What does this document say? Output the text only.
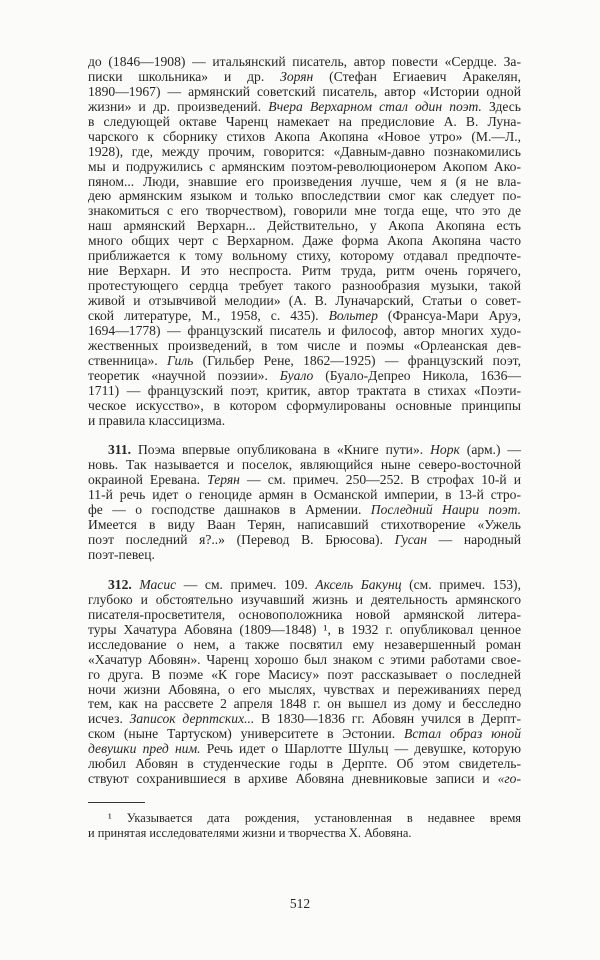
до (1846—1908) — итальянский писатель, автор повести «Сердце. За-
писки школьника» и др. Зорян (Стефан Егиаевич Аракелян,
1890—1967) — армянский советский писатель, автор «Истории одной
жизни» и др. произведений. Вчера Верхарном стал один поэт. Здесь
в следующей октаве Чаренц намекает на предисловие А. В. Луна-
чарского к сборнику стихов Акопа Акопяна «Новое утро» (М.—Л.,
1928), где, между прочим, говорится: «Давным-давно познакомились
мы и подружились с армянским поэтом-революционером Акопом Ако-
пяном... Люди, знавшие его произведения лучше, чем я (я не вла-
дею армянским языком и только впоследствии смог как следует по-
знакомиться с его творчеством), говорили мне тогда еще, что это де
наш армянский Верхарн... Действительно, у Акопа Акопяна есть
много общих черт с Верхарном. Даже форма Акопа Акопяна часто
приближается к тому вольному стиху, которому отдавал предпочте-
ние Верхарн. И это неспроста. Ритм труда, ритм очень горячего,
протестующего сердца требует такого разнообразия музыки, такой
живой и отзывчивой мелодии» (А. В. Луначарский, Статьи о совет-
ской литературе, М., 1958, с. 435). Вольтер (Франсуа-Мари Аруэ,
1694—1778) — французский писатель и философ, автор многих худо-
жественных произведений, в том числе и поэмы «Орлеанская дев-
ственница». Гиль (Гильбер Рене, 1862—1925) — французский поэт,
теоретик «научной поэзии». Буало (Буало-Депрео Никола, 1636—
1711) — французский поэт, критик, автор трактата в стихах «Поэти-
ческое искусство», в котором сформулированы основные принципы
и правила классицизма.
311. Поэма впервые опубликована в «Книге пути». Норк (арм.) —
новь. Так называется и поселок, являющийся ныне северо-восточной
окраиной Еревана. Терян — см. примеч. 250—252. В строфах 10-й и
11-й речь идет о геноциде армян в Османской империи, в 13-й стро-
фе — о господстве дашнаков в Армении. Последний Наири поэт.
Имеется в виду Ваан Терян, написавший стихотворение «Ужель
поэт последний я?..» (Перевод В. Брюсова). Гусан — народный
поэт-певец.
312. Масис — см. примеч. 109. Аксель Бакунц (см. примеч. 153),
глубоко и обстоятельно изучавший жизнь и деятельность армянского
писателя-просветителя, основоположника новой армянской литера-
туры Хачатура Абовяна (1809—1848) ¹, в 1932 г. опубликовал ценное
исследование о нем, а также посвятил ему незавершенный роман
«Хачатур Абовян». Чаренц хорошо был знаком с этими работами свое-
го друга. В поэме «К горе Масису» поэт рассказывает о последней
ночи жизни Абовяна, о его мыслях, чувствах и переживаниях перед
тем, как на рассвете 2 апреля 1848 г. он вышел из дому и бесследно
исчез. Записок дерптских... В 1830—1836 гг. Абовян учился в Дерпт-
ском (ныне Тартуском) университете в Эстонии. Встал образ юной
девушки пред ним. Речь идет о Шарлотте Шульц — девушке, которую
любил Абовян в студенческие годы в Дерпте. Об этом свидетель-
ствуют сохранившиеся в архиве Абовяна дневниковые записи и «го-
¹ Указывается дата рождения, установленная в недавнее время
и принятая исследователями жизни и творчества Х. Абовяна.
512
